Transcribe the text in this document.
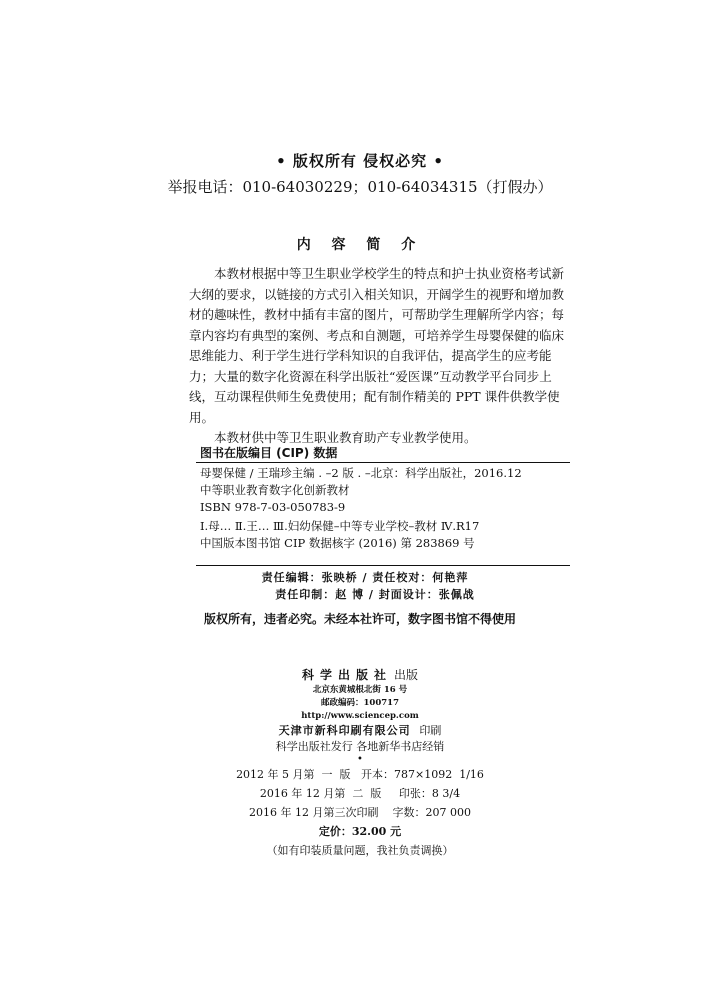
• 版权所有 侵权必究 •
举报电话：010-64030229；010-64034315（打假办）
内 容 简 介

本教材根据中等卫生职业学校学生的特点和护士执业资格考试新大纲的要求，以链接的方式引入相关知识，开阔学生的视野和增加教材的趣味性，教材中插有丰富的图片，可帮助学生理解所学内容；每章内容均有典型的案例、考点和自测题，可培养学生母婴保健的临床思维能力、利于学生进行学科知识的自我评估，提高学生的应考能力；大量的数字化资源在科学出版社“爱医课”互动教学平台同步上线，互动课程供师生免费使用；配有制作精美的 PPT 课件供教学使用。

本教材供中等卫生职业教育助产专业教学使用。

图书在版编目 (CIP) 数据
母婴保健 / 王瑞珍主编 . –2 版 . –北京：科学出版社，2016.12
中等职业教育数字化创新教材
ISBN 978-7-03-050783-9
Ⅰ.母… Ⅱ.王… Ⅲ.妇幼保健–中等专业学校–教材 Ⅳ.R17
中国版本图书馆 CIP 数据核字 (2016) 第 283869 号
责任编辑：张映桥 / 责任校对：何艳萍
责任印制：赵 博 / 封面设计：张佩战
版权所有，违者必究。未经本社许可，数字图书馆不得使用
科学出版社 出版
北京东黄城根北街 16 号
邮政编码：100717
http://www.sciencep.com
天津市新科印刷有限公司 印刷
科学出版社发行 各地新华书店经销
•
2012 年 5 月第  一  版   开本：787×1092  1/16
2016 年 12 月第  二  版     印张：8 3/4
2016 年 12 月第三次印刷    字数：207 000
定价：32.00 元
（如有印装质量问题，我社负责调换）
